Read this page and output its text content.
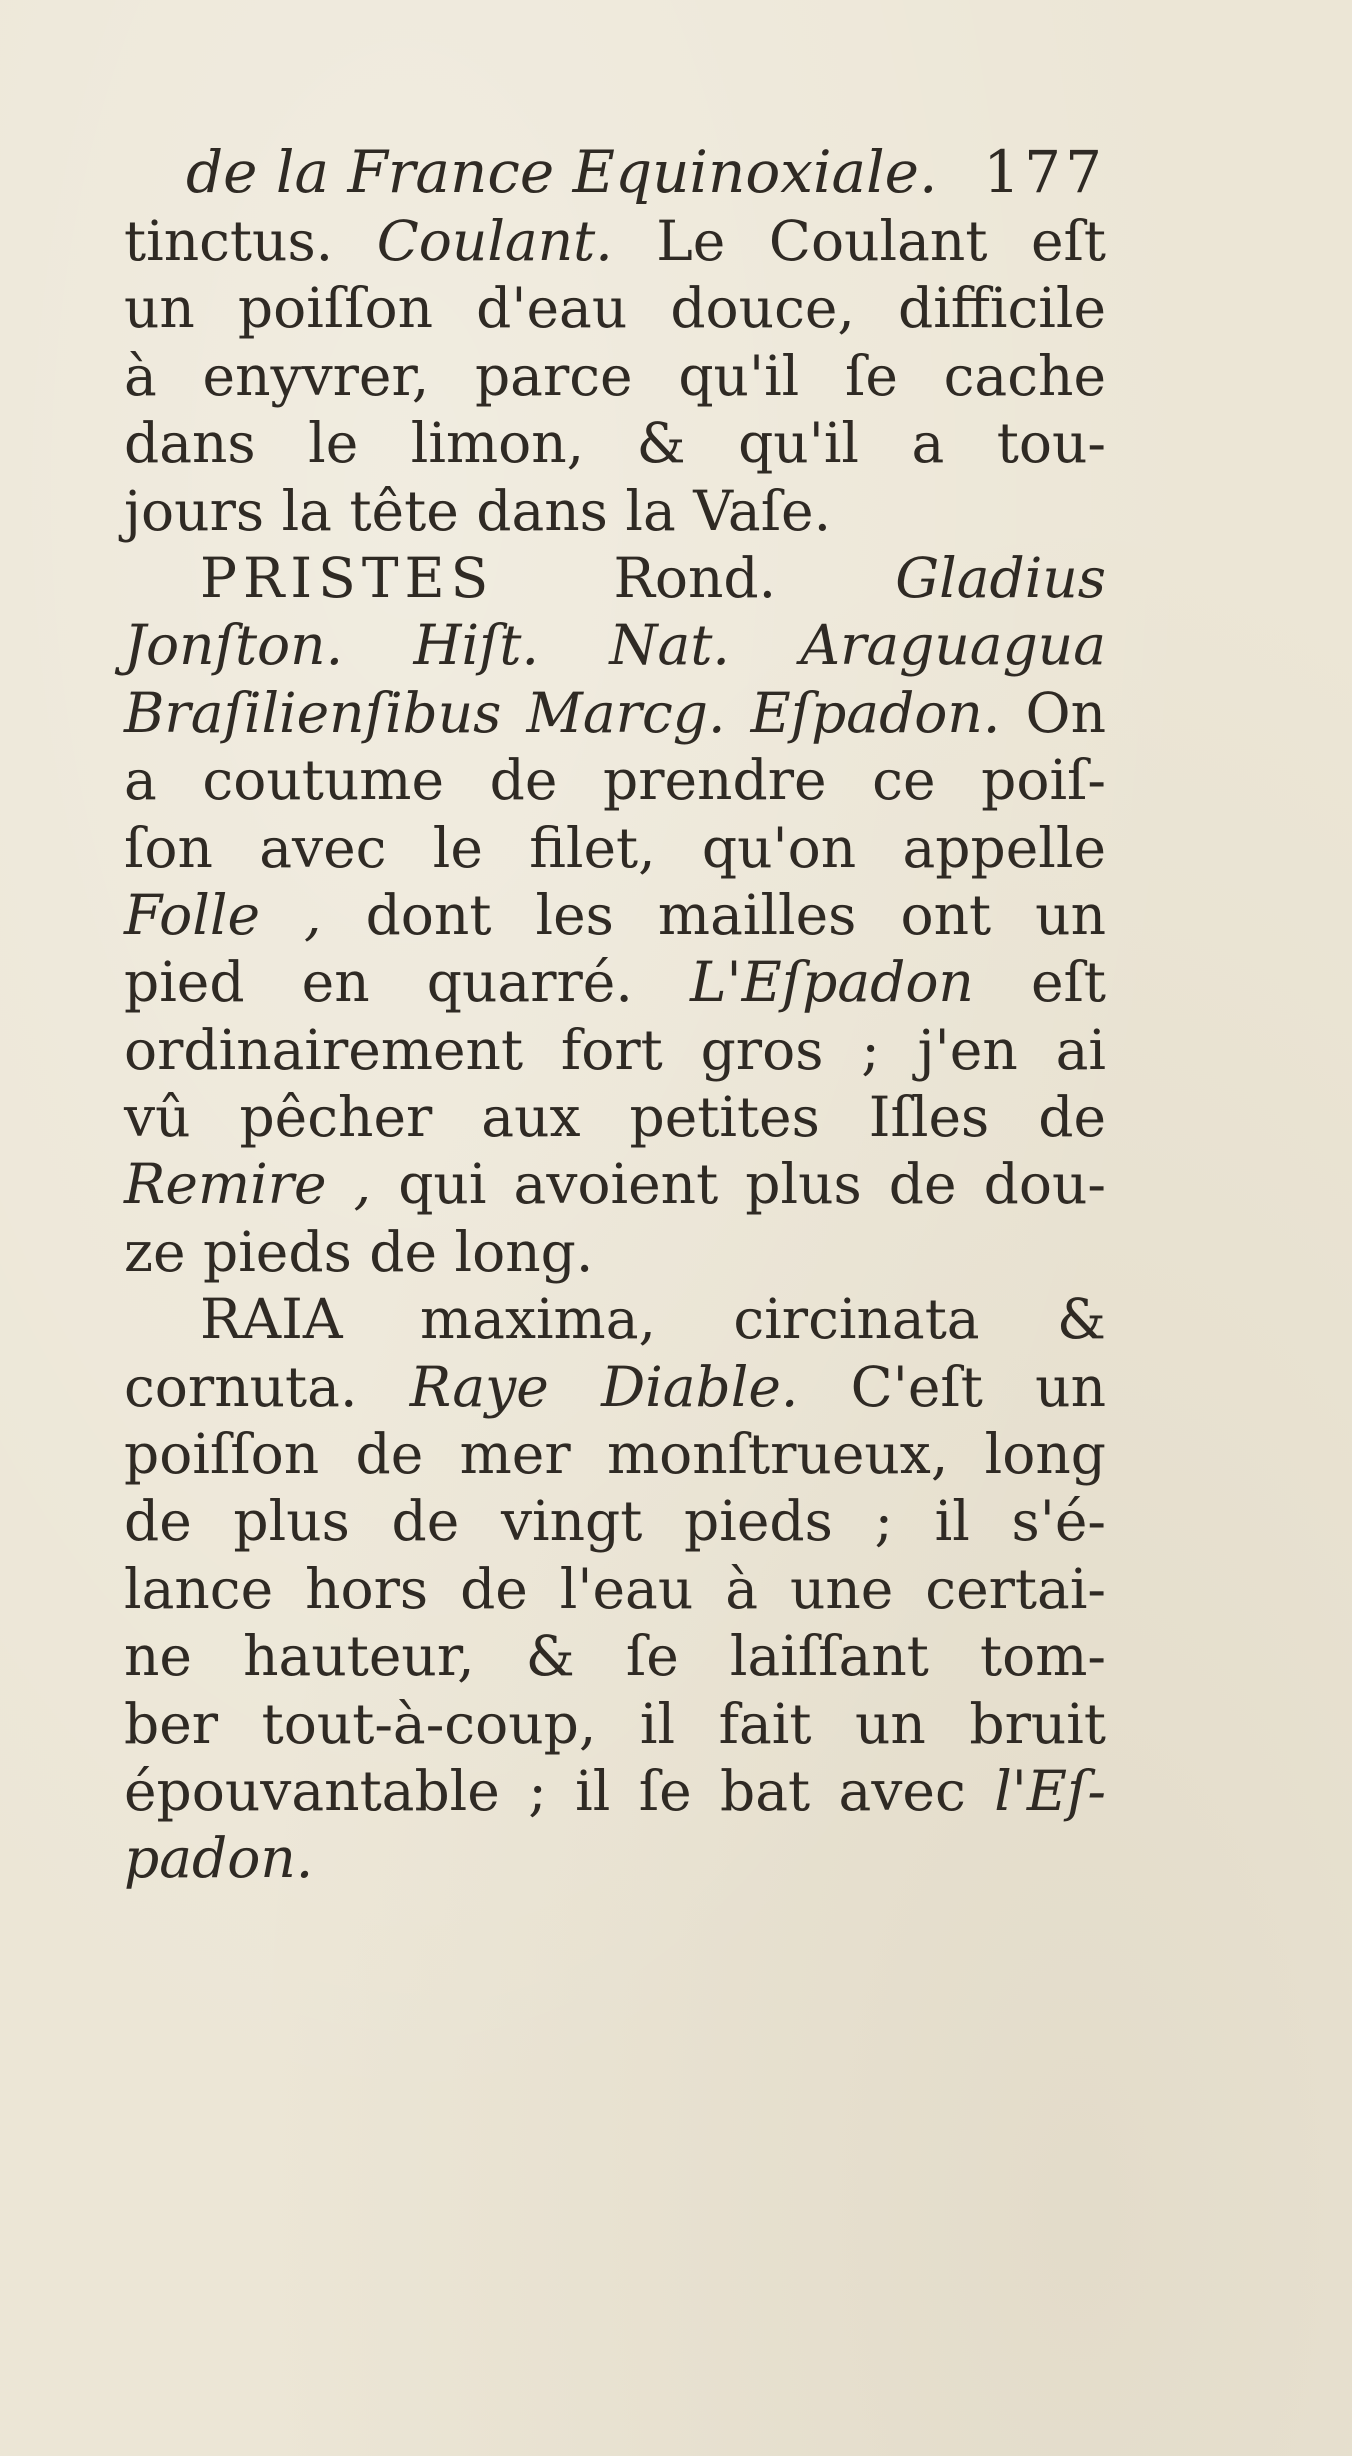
de la France Equinoxiale. 177
tinctus. Coulant. Le Coulant eſt
un poiſſon d'eau douce, difficile
à enyvrer, parce qu'il ſe cache
dans le limon, & qu'il a tou-
jours la tête dans la Vaſe.
PRISTES Rond. Gladius
Jonſton. Hiſt. Nat. Araguagua
Braſilienſibus Marcg. Eſpadon. On
a coutume de prendre ce poiſ-
ſon avec le filet, qu'on appelle
Folle , dont les mailles ont un
pied en quarré. L'Eſpadon eſt
ordinairement fort gros ; j'en ai
vû pêcher aux petites Iſles de
Remire , qui avoient plus de dou-
ze pieds de long.
RAIA maxima, circinata &
cornuta. Raye Diable. C'eſt un
poiſſon de mer monſtrueux, long
de plus de vingt pieds ; il s'é-
lance hors de l'eau à une certai-
ne hauteur, & ſe laiſſant tom-
ber tout-à-coup, il fait un bruit
épouvantable ; il ſe bat avec l'Eſ-
padon.
